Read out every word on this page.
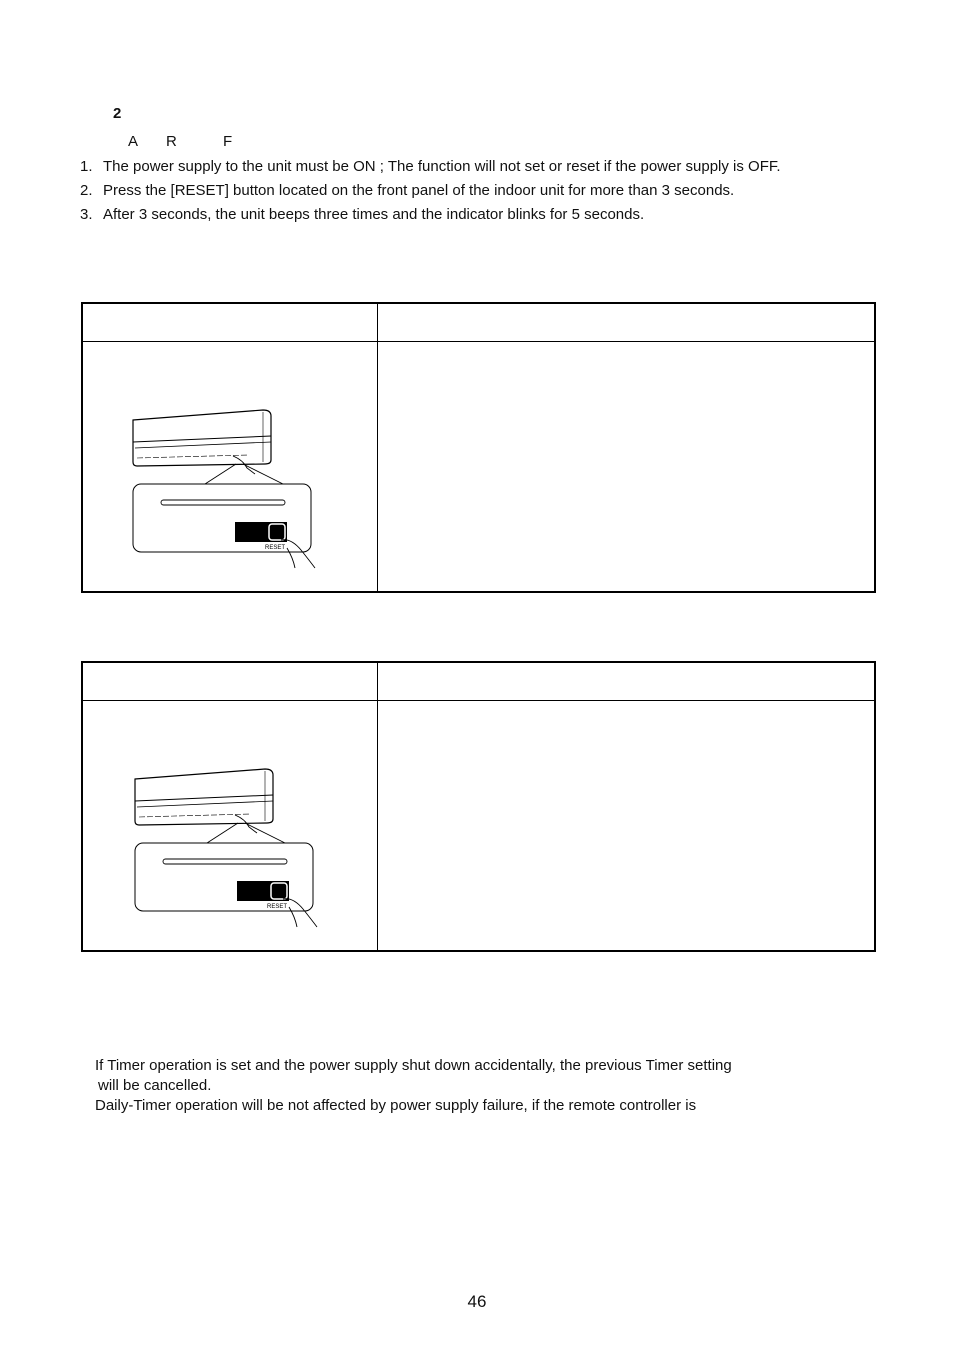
2
A R	F
1. The power supply to the unit must be ON ; The function will not set or reset if the power supply is OFF.
2. Press the [RESET] button located on the front panel of the indoor unit for more than 3 seconds.
3. After 3 seconds, the unit beeps three times and the indicator blinks for 5 seconds.

RESET	

RESET	

If Timer operation is set and the power supply shut down accidentally, the previous Timer setting

will be cancelled.

Daily-Timer operation will be not affected by power supply failure, if the remote controller is

46
